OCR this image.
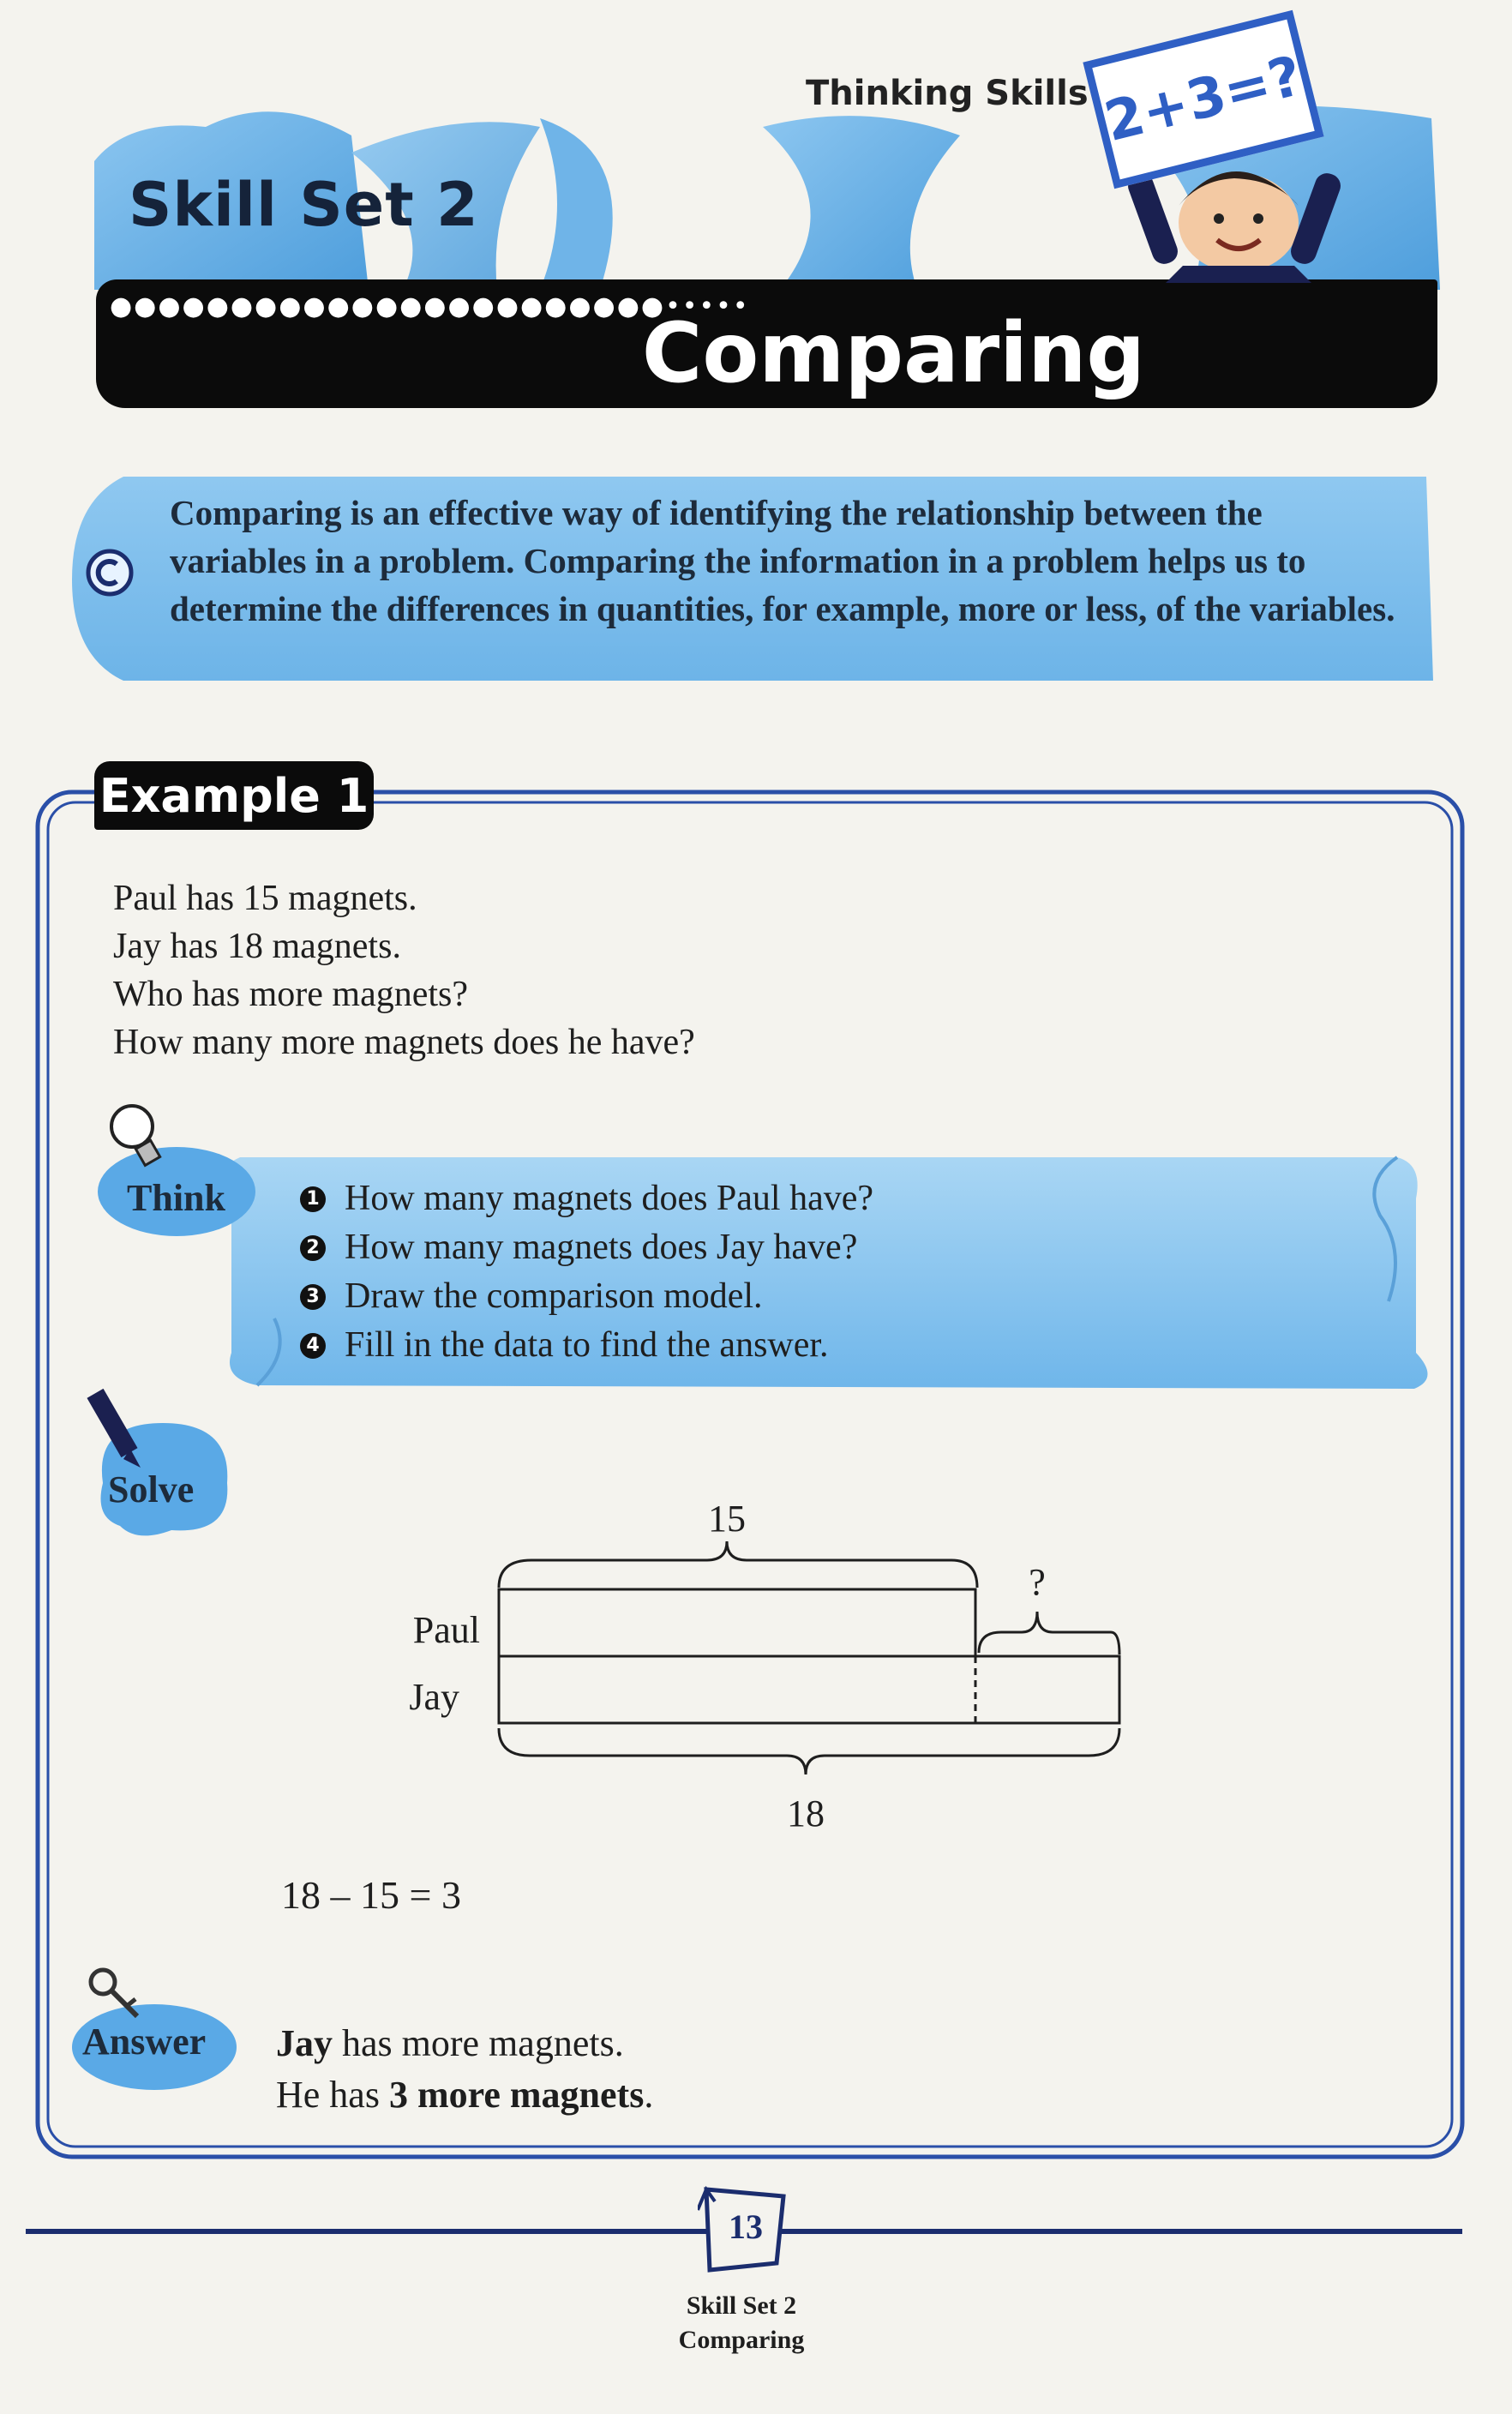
Thinking Skills
Skill Set 2
●●●●●●●●●●●●●●●●●●●●●●●•••••
Comparing
2+3=?
Comparing is an effective way of identifying the relationship between the variables in a problem. Comparing the information in a problem helps us to determine the differences in quantities, for example, more or less, of the variables.
Example 1
Paul has 15 magnets.
Jay has 18 magnets.
Who has more magnets?
How many more magnets does he have?
Think	1 How many magnets does Paul have?
2 How many magnets does Jay have?
3 Draw the comparison model.
4 Fill in the data to find the answer.
Solve
15
?
Paul
Jay
18
18 – 15 = 3
Answer Jay has more magnets.
He has 3 more magnets.
13
Skill Set 2
Comparing
